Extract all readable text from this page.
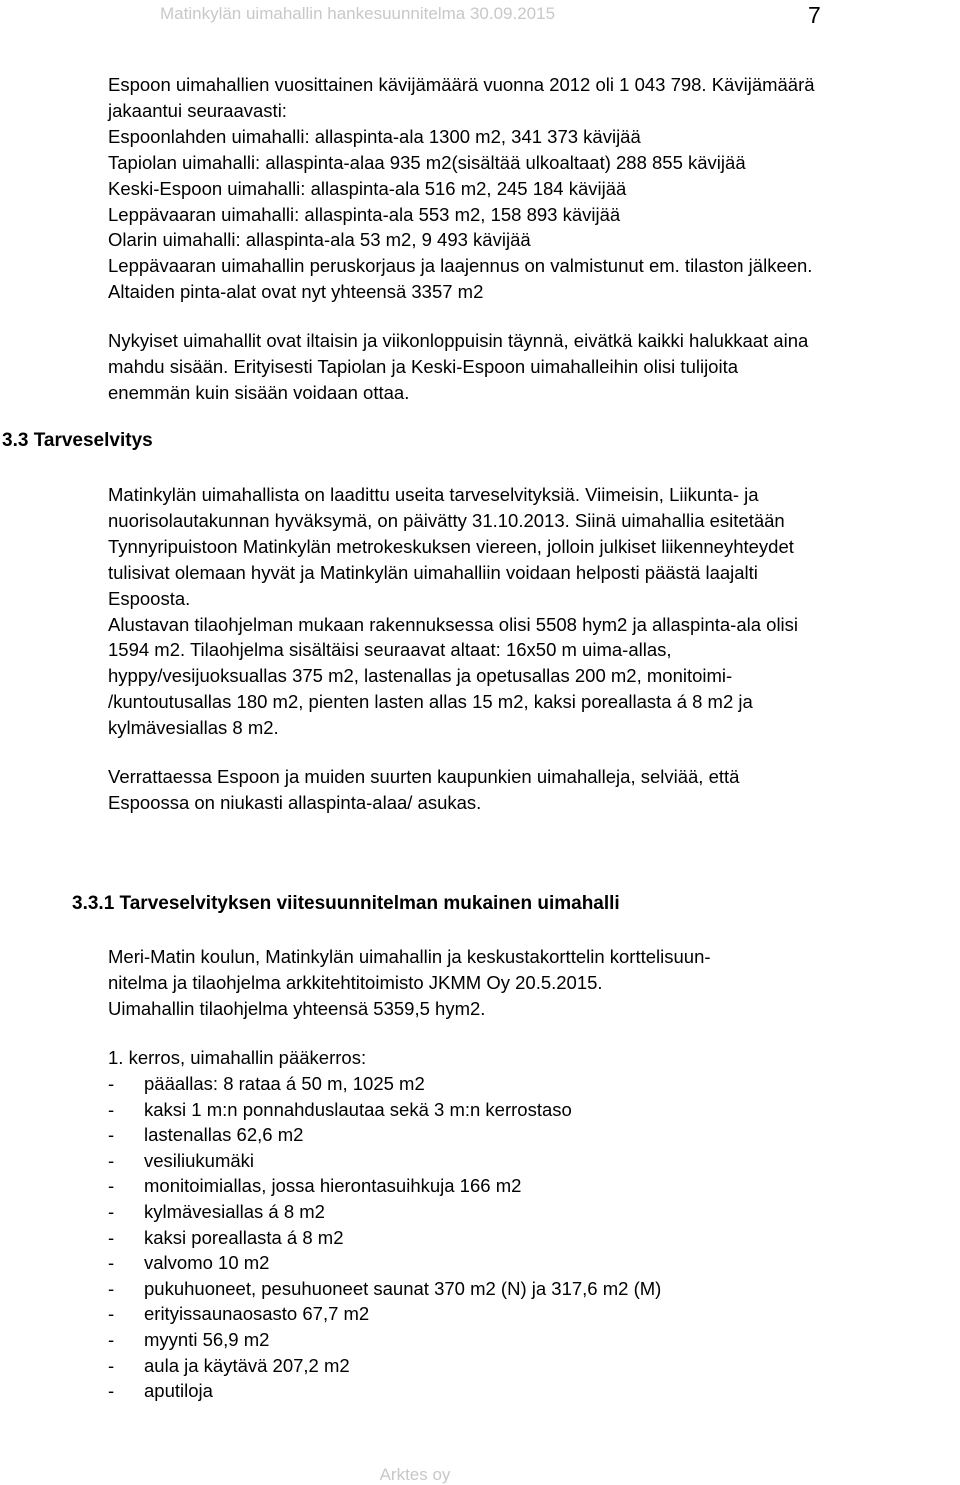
Matinkylän uimahallin hankesuunnitelma 30.09.2015	7
Espoon uimahallien vuosittainen kävijämäärä vuonna 2012 oli 1 043 798. Kävijämäärä
jakaantui seuraavasti:
Espoonlahden uimahalli: allaspinta-ala 1300 m2, 341 373 kävijää
Tapiolan uimahalli: allaspinta-alaa 935 m2(sisältää ulkoaltaat) 288 855 kävijää
Keski-Espoon uimahalli: allaspinta-ala 516 m2, 245 184 kävijää
Leppävaaran uimahalli: allaspinta-ala 553 m2, 158 893 kävijää
Olarin uimahalli: allaspinta-ala 53 m2, 9 493 kävijää
Leppävaaran uimahallin peruskorjaus ja laajennus on valmistunut em. tilaston jälkeen.
Altaiden pinta-alat ovat nyt yhteensä 3357 m2
Nykyiset uimahallit ovat iltaisin ja viikonloppuisin täynnä, eivätkä kaikki halukkaat aina
mahdu sisään. Erityisesti Tapiolan ja Keski-Espoon uimahalleihin olisi tulijoita
enemmän kuin sisään voidaan ottaa.
3.3 Tarveselvitys
Matinkylän uimahallista on laadittu useita tarveselvityksiä. Viimeisin, Liikunta- ja
nuorisolautakunnan hyväksymä, on päivätty 31.10.2013. Siinä uimahallia esitetään
Tynnyripuistoon Matinkylän metrokeskuksen viereen, jolloin julkiset liikenneyhteydet
tulisivat olemaan hyvät ja Matinkylän uimahalliin voidaan helposti päästä laajalti
Espoosta.
Alustavan tilaohjelman mukaan rakennuksessa olisi 5508 hym2 ja allaspinta-ala olisi
1594 m2. Tilaohjelma sisältäisi seuraavat altaat: 16x50 m uima-allas,
hyppy/vesijuoksuallas 375 m2, lastenallas ja opetusallas 200 m2, monitoimi-
/kuntoutusallas 180 m2, pienten lasten allas 15 m2, kaksi poreallasta á 8 m2 ja
kylmävesiallas 8 m2.
Verrattaessa Espoon ja muiden suurten kaupunkien uimahalleja, selviää, että
Espoossa on niukasti allaspinta-alaa/ asukas.
3.3.1 Tarveselvityksen viitesuunnitelman mukainen uimahalli
Meri-Matin koulun, Matinkylän uimahallin ja keskustakorttelin korttelisuun-
nitelma ja tilaohjelma arkkitehtitoimisto JKMM Oy 20.5.2015.
Uimahallin tilaohjelma yhteensä 5359,5 hym2.
1. kerros, uimahallin pääkerros:
- pääallas: 8 rataa á 50 m, 1025 m2
- kaksi 1 m:n ponnahduslautaa sekä 3 m:n kerrostaso
- lastenallas 62,6 m2
- vesiliukumäki
- monitoimiallas, jossa hierontasuihkuja 166 m2
- kylmävesiallas á 8 m2
- kaksi poreallasta á 8 m2
- valvomo 10 m2
- pukuhuoneet, pesuhuoneet saunat 370 m2 (N) ja 317,6 m2 (M)
- erityissaunaosasto 67,7 m2
- myynti 56,9 m2
- aula ja käytävä 207,2 m2
- aputiloja
Arktes oy
